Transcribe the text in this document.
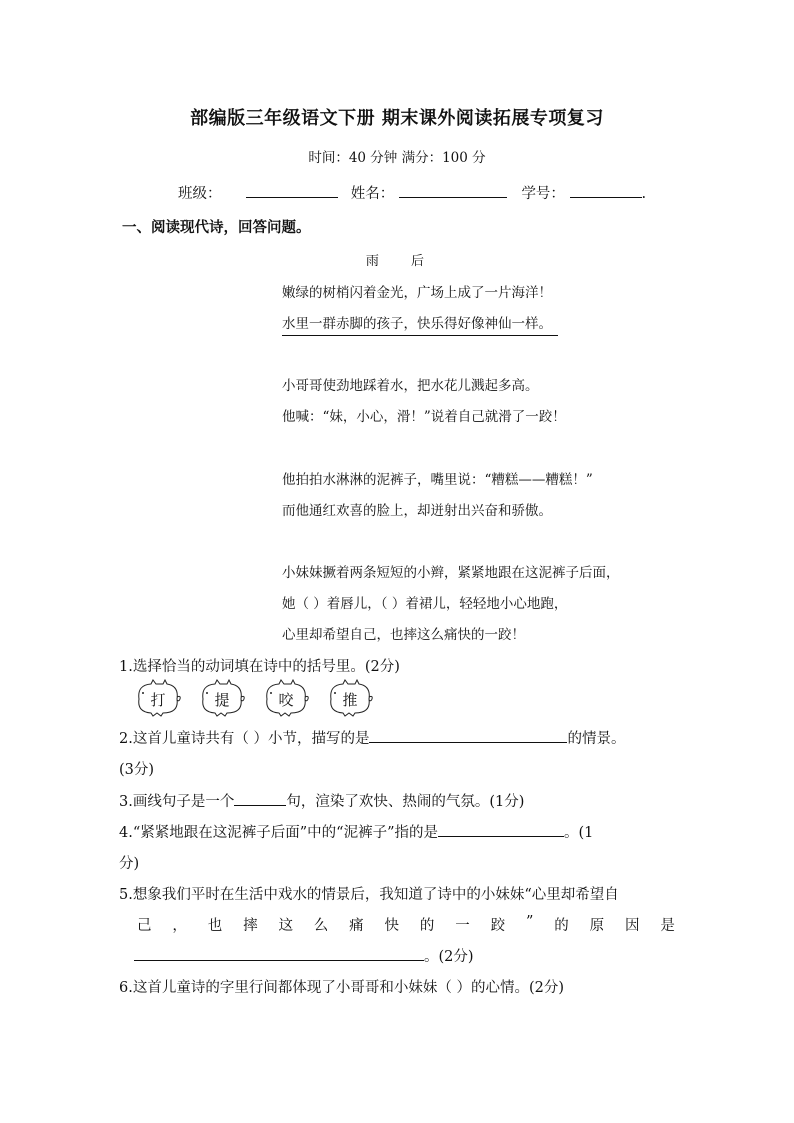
部编版三年级语文下册 期末课外阅读拓展专项复习
时间：40 分钟 满分：100 分
班级：	姓名：	学号：	.
一、阅读现代诗，回答问题。
雨 后
嫩绿的树梢闪着金光，广场上成了一片海洋！
水里一群赤脚的孩子，快乐得好像神仙一样。
小哥哥使劲地踩着水，把水花儿溅起多高。
他喊：“妹，小心，滑！”说着自己就滑了一跤！
他拍拍水淋淋的泥裤子，嘴里说：“糟糕——糟糕！”
而他通红欢喜的脸上，却迸射出兴奋和骄傲。
小妹妹撅着两条短短的小辫，紧紧地跟在这泥裤子后面，
她（ ）着唇儿，（ ）着裙儿，轻轻地小心地跑，
心里却希望自己，也摔这么痛快的一跤！
1.选择恰当的动词填在诗中的括号里。(2分)
打	提	咬	推
2.这首儿童诗共有（ ）小节，描写的是	的情景。
(3分)
3.画线句子是一个	句，渲染了欢快、热闹的气氛。(1分)
4.“紧紧地跟在这泥裤子后面”中的“泥裤子”指的是	。(1
分)
5.想象我们平时在生活中戏水的情景后，我知道了诗中的小妹妹“心里却希望自
己 ， 也 摔 这 么 痛 快 的 一 跤 ” 的 原 因 是
。(2分)
6.这首儿童诗的字里行间都体现了小哥哥和小妹妹（ ）的心情。(2分)
